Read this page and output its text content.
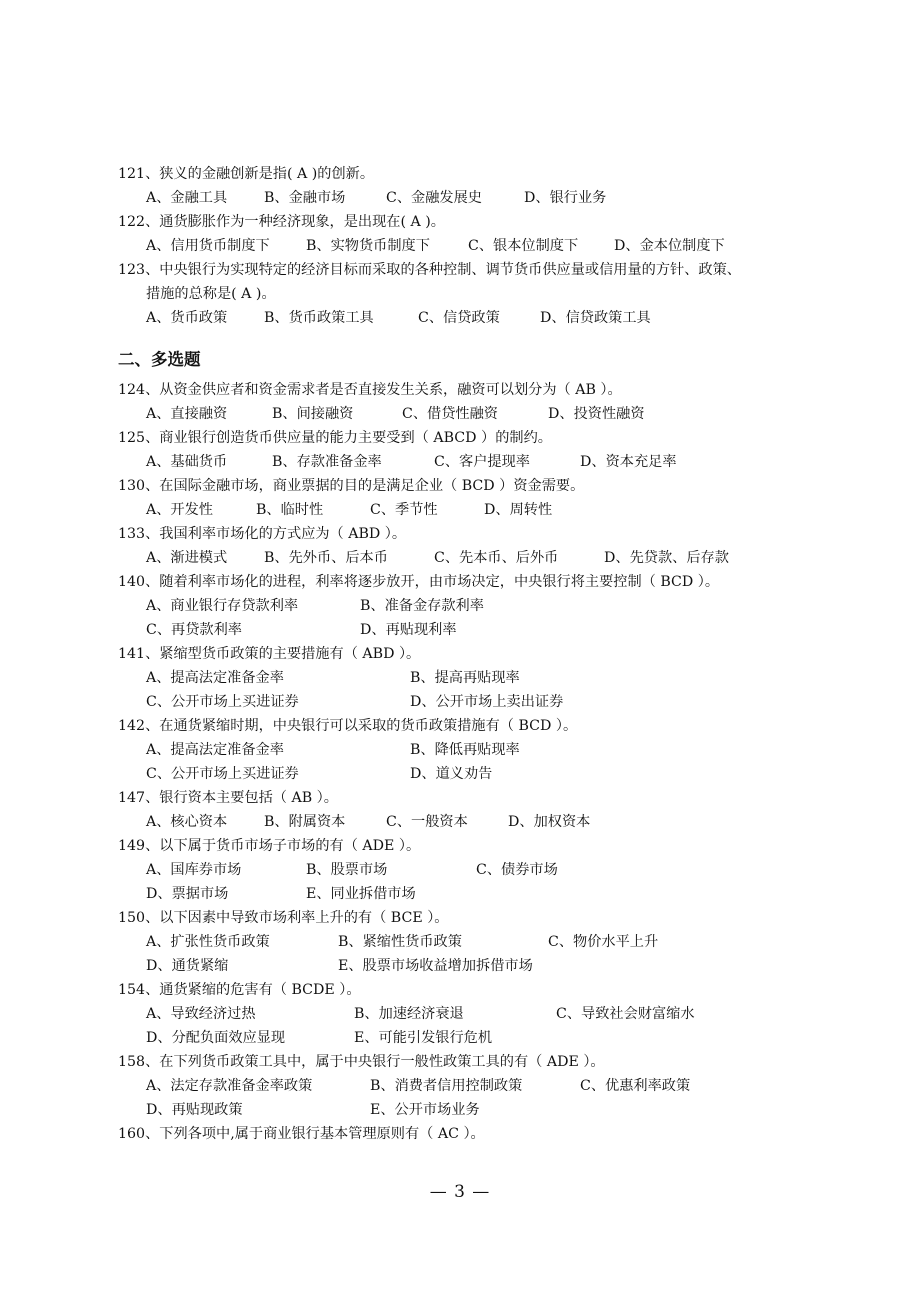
121、狭义的金融创新是指( A )的创新。

A、金融工具

	B、金融市场

	C、金融发展史

	D、银行业务

122、通货膨胀作为一种经济现象，是出现在( A )。

A、信用货币制度下

	B、实物货币制度下

	C、银本位制度下

	D、金本位制度下

123、中央银行为实现特定的经济目标而采取的各种控制、调节货币供应量或信用量的方针、政策、
措施的总称是( A )。

A、货币政策

	B、货币政策工具

	C、信贷政策

	D、信贷政策工具

二、多选题
124、从资金供应者和资金需求者是否直接发生关系，融资可以划分为（ AB ）。

A、直接融资

	B、间接融资

	C、借贷性融资

	D、投资性融资

125、商业银行创造货币供应量的能力主要受到（ ABCD ）的制约。

A、基础货币

	B、存款准备金率

	C、客户提现率

	D、资本充足率

130、在国际金融市场，商业票据的目的是满足企业（ BCD ）资金需要。

A、开发性

	B、临时性

	C、季节性

	D、周转性

133、我国利率市场化的方式应为（ ABD ）。

A、渐进模式

	B、先外币、后本币

	C、先本币、后外币

	D、先贷款、后存款

140、随着利率市场化的进程，利率将逐步放开，由市场决定，中央银行将主要控制（ BCD ）。

A、商业银行存贷款利率

	B、准备金存款利率

C、再贷款利率

	D、再贴现利率

141、紧缩型货币政策的主要措施有（ ABD ）。

A、提高法定准备金率

	B、提高再贴现率

C、公开市场上买进证券

	D、公开市场上卖出证券

142、在通货紧缩时期，中央银行可以采取的货币政策措施有（ BCD ）。

A、提高法定准备金率

	B、降低再贴现率

C、公开市场上买进证券

	D、道义劝告

147、银行资本主要包括（ AB ）。

A、核心资本

	B、附属资本

	C、一般资本

	D、加权资本

149、以下属于货币市场子市场的有（ ADE ）。

A、国库券市场

	B、股票市场

	C、债券市场

D、票据市场

	E、同业拆借市场

150、以下因素中导致市场利率上升的有（ BCE ）。

A、扩张性货币政策

	B、紧缩性货币政策

	C、物价水平上升

D、通货紧缩

	E、股票市场收益增加拆借市场

154、通货紧缩的危害有（ BCDE ）。

A、导致经济过热

	B、加速经济衰退

	C、导致社会财富缩水

D、分配负面效应显现

	E、可能引发银行危机

158、在下列货币政策工具中，属于中央银行一般性政策工具的有（ ADE ）。

A、法定存款准备金率政策

	B、消费者信用控制政策

	C、优惠利率政策

D、再贴现政策

	E、公开市场业务

160、下列各项中,属于商业银行基本管理原则有（ AC ）。
— 3 —
